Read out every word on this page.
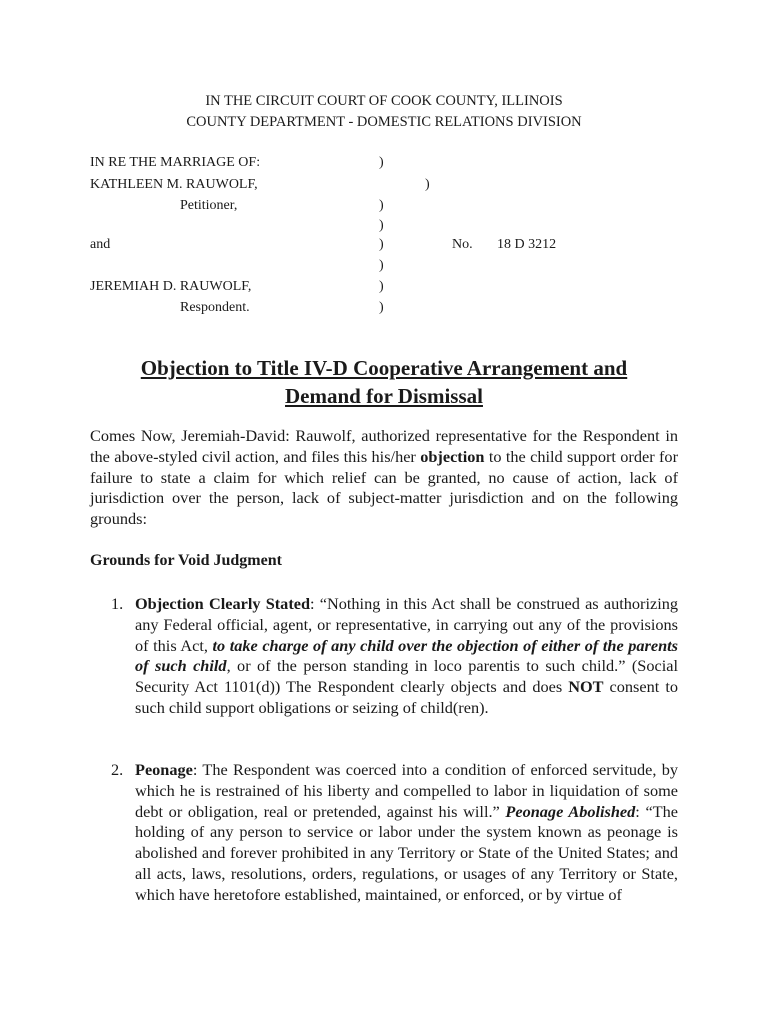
IN THE CIRCUIT COURT OF COOK COUNTY, ILLINOIS
COUNTY DEPARTMENT - DOMESTIC RELATIONS DIVISION
IN RE THE MARRIAGE OF:
KATHLEEN M. RAUWOLF,
Petitioner,
and
JEREMIAH D. RAUWOLF,
Respondent.
)
)
)
)
)
)
)
)
No. 18 D 3212
Objection to Title IV-D Cooperative Arrangement and
Demand for Dismissal
Comes Now, Jeremiah-David: Rauwolf, authorized representative for the Respondent in the above-styled civil action, and files this his/her objection to the child support order for failure to state a claim for which relief can be granted, no cause of action, lack of jurisdiction over the person, lack of subject-matter jurisdiction and on the following grounds:
Grounds for Void Judgment
1. Objection Clearly Stated: “Nothing in this Act shall be construed as authorizing any Federal official, agent, or representative, in carrying out any of the provisions of this Act, to take charge of any child over the objection of either of the parents of such child, or of the person standing in loco parentis to such child.” (Social Security Act 1101(d)) The Respondent clearly objects and does NOT consent to such child support obligations or seizing of child(ren).
2. Peonage: The Respondent was coerced into a condition of enforced servitude, by which he is restrained of his liberty and compelled to labor in liquidation of some debt or obligation, real or pretended, against his will.” Peonage Abolished: “The holding of any person to service or labor under the system known as peonage is abolished and forever prohibited in any Territory or State of the United States; and all acts, laws, resolutions, orders, regulations, or usages of any Territory or State, which have heretofore established, maintained, or enforced, or by virtue of
